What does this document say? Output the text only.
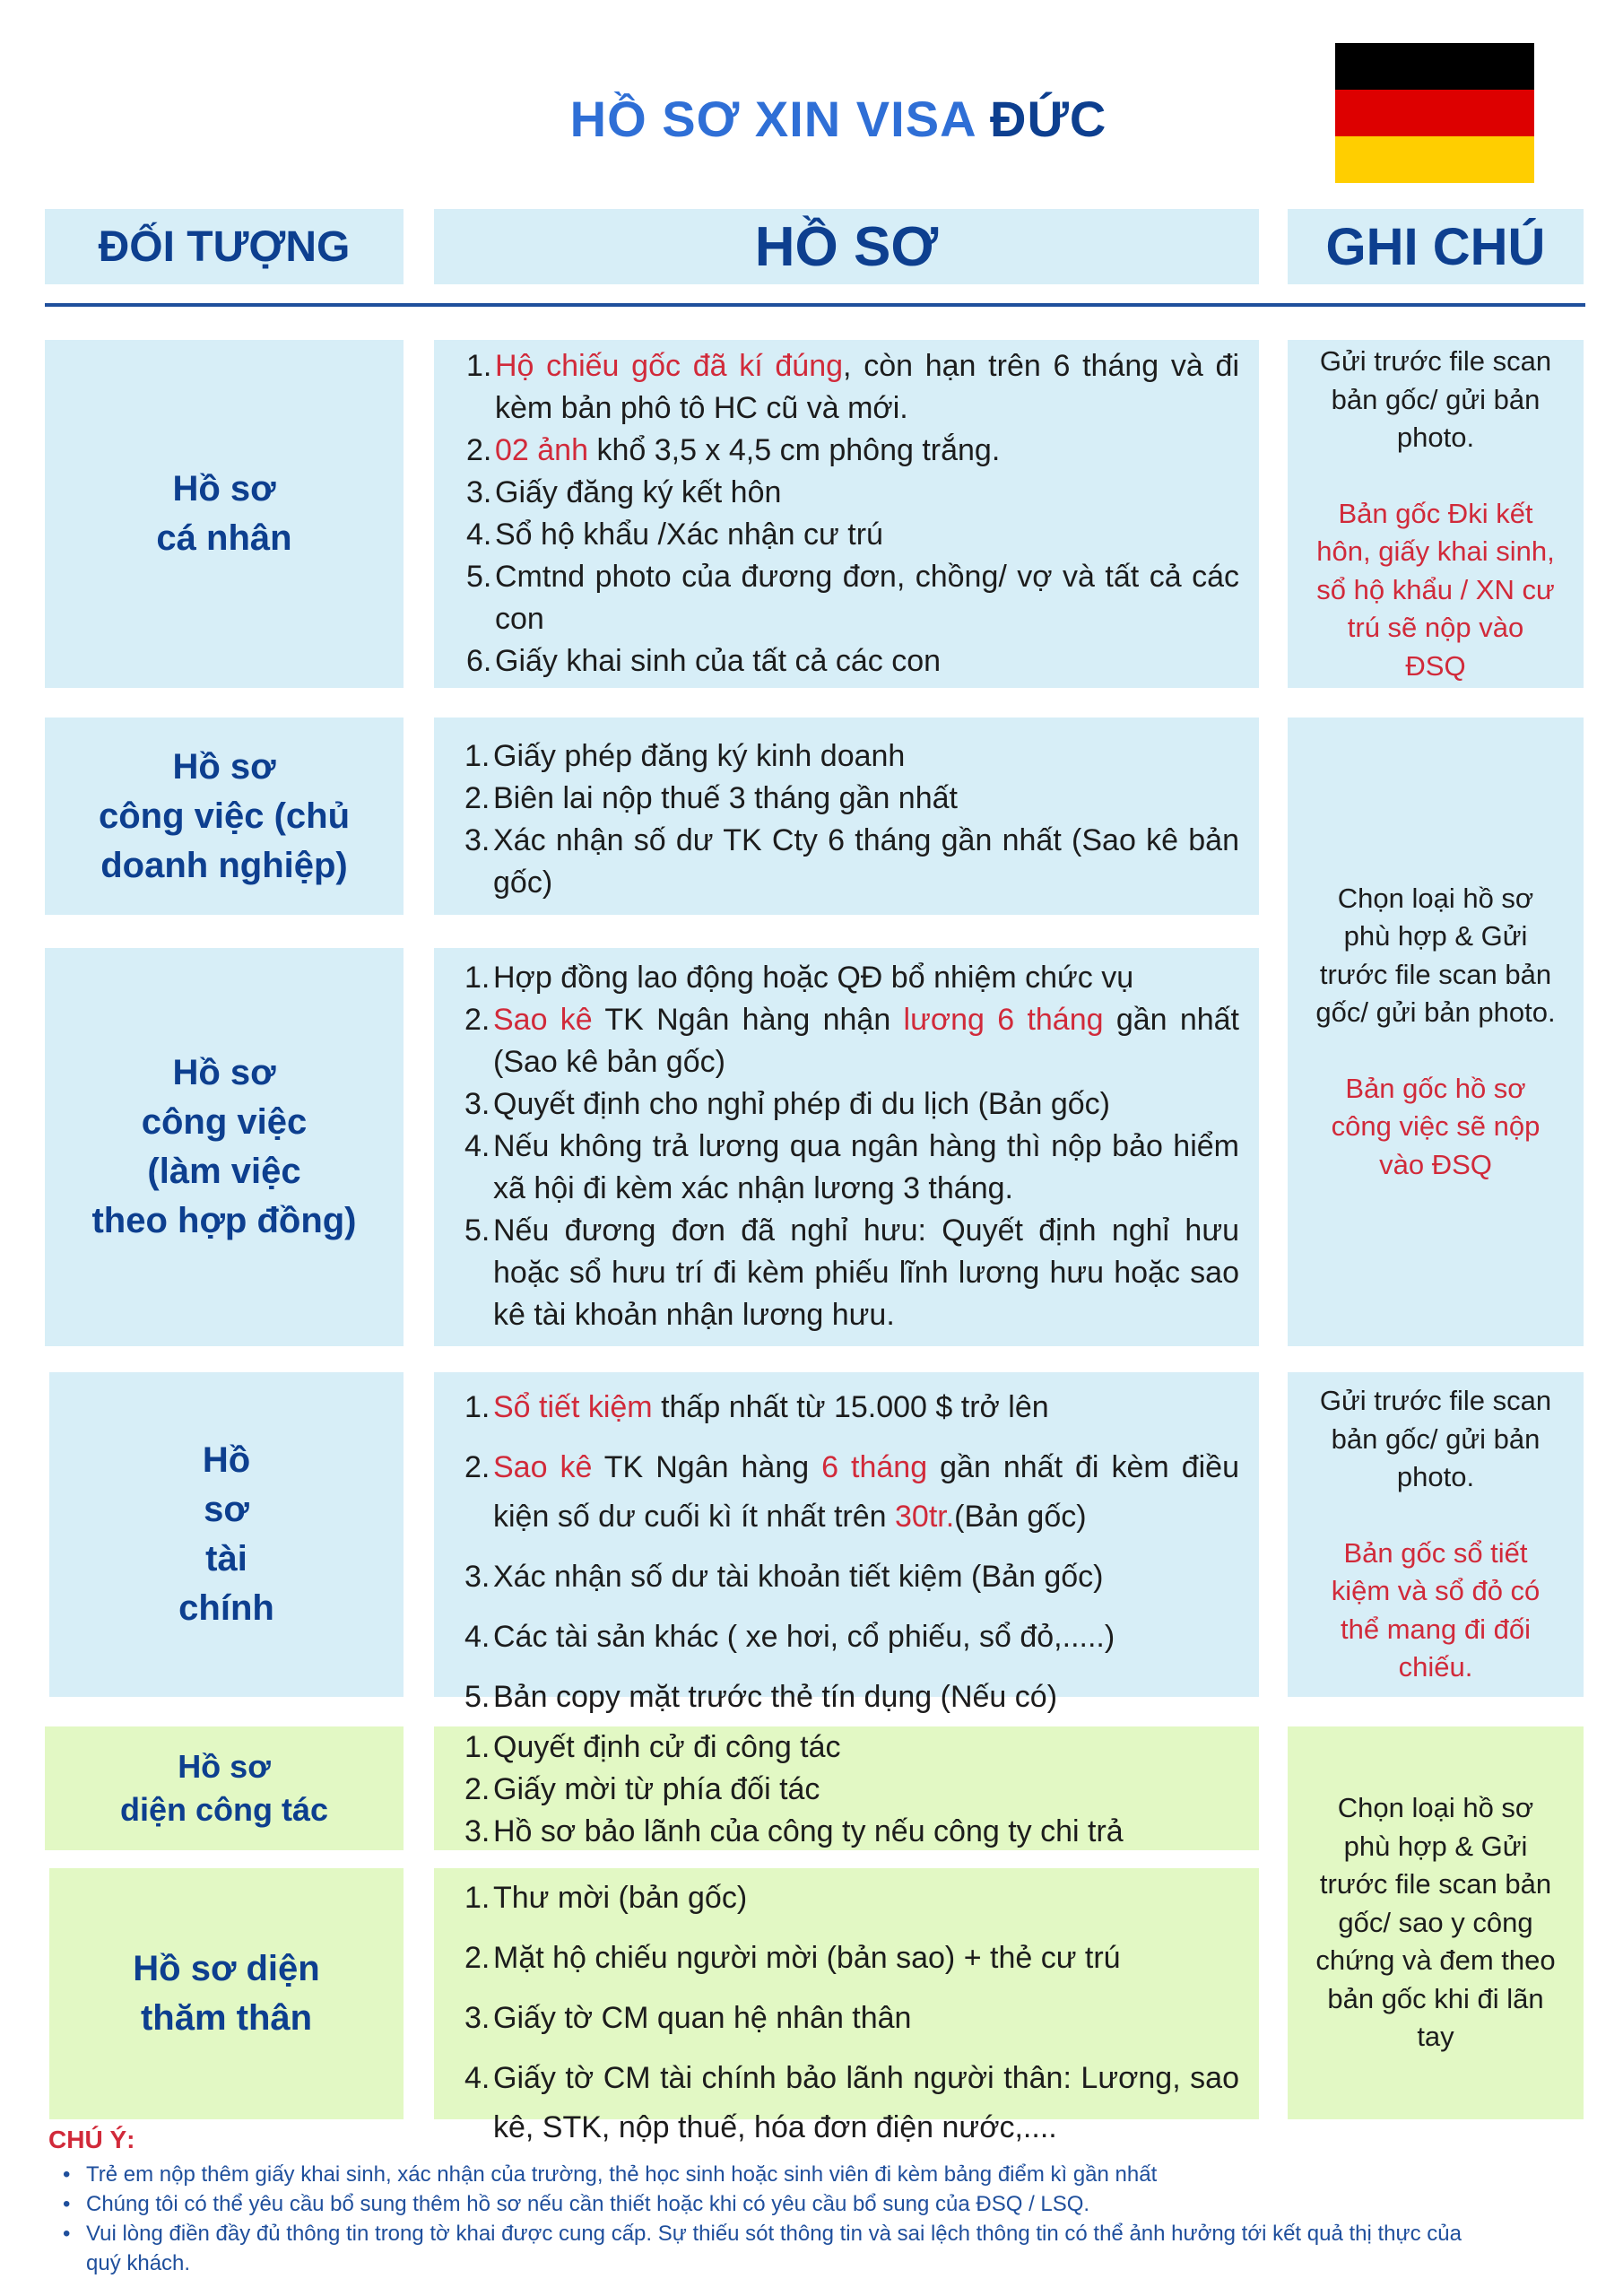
HỒ SƠ XIN VISA ĐỨC
ĐỐI TƯỢNG	HỒ SƠ	GHI CHÚ
Hồ sơ
cá nhân
1. Hộ chiếu gốc đã kí đúng, còn hạn trên 6 tháng và đi kèm bản phô tô HC cũ và mới.
2. 02 ảnh khổ 3,5 x 4,5 cm phông trắng.
3. Giấy đăng ký kết hôn
4. Sổ hộ khẩu /Xác nhận cư trú
5. Cmtnd photo của đương đơn, chồng/ vợ và tất cả các con
6. Giấy khai sinh của tất cả các con

Gửi trước file scan bản gốc/ gửi bản photo.

Bản gốc Đki kết hôn, giấy khai sinh, sổ hộ khẩu / XN cư trú sẽ nộp vào ĐSQ

Hồ sơ
công việc (chủ
doanh nghiệp)
1. Giấy phép đăng ký kinh doanh
2. Biên lai nộp thuế 3 tháng gần nhất
3. Xác nhận số dư TK Cty 6 tháng gần nhất (Sao kê bản gốc)
Hồ sơ
công việc
(làm việc
theo hợp đồng)
1. Hợp đồng lao động hoặc QĐ bổ nhiệm chức vụ
2. Sao kê TK Ngân hàng nhận lương 6 tháng gần nhất (Sao kê bản gốc)
3. Quyết định cho nghỉ phép đi du lịch (Bản gốc)
4. Nếu không trả lương qua ngân hàng thì nộp bảo hiểm xã hội đi kèm xác nhận lương 3 tháng.
5. Nếu đương đơn đã nghỉ hưu: Quyết định nghỉ hưu hoặc sổ hưu trí đi kèm phiếu lĩnh lương hưu hoặc sao kê tài khoản nhận lương hưu.

Chọn loại hồ sơ phù hợp & Gửi trước file scan bản gốc/ gửi bản photo.

Bản gốc hồ sơ công việc sẽ nộp vào ĐSQ

Hồ
sơ
tài
chính
1. Sổ tiết kiệm thấp nhất từ 15.000 $ trở lên
2. Sao kê TK Ngân hàng 6 tháng gần nhất đi kèm điều kiện số dư cuối kì ít nhất trên 30tr.(Bản gốc)
3. Xác nhận số dư tài khoản tiết kiệm (Bản gốc)
4. Các tài sản khác ( xe hơi, cổ phiếu, sổ đỏ,.....)
5. Bản copy mặt trước thẻ tín dụng (Nếu có)

Gửi trước file scan bản gốc/ gửi bản photo.

Bản gốc sổ tiết kiệm và sổ đỏ có thể mang đi đối chiếu.

Hồ sơ
diện công tác
1. Quyết định cử đi công tác
2. Giấy mời từ phía đối tác
3. Hồ sơ bảo lãnh của công ty nếu công ty chi trả
Hồ sơ diện
thăm thân
1. Thư mời (bản gốc)
2. Mặt hộ chiếu người mời (bản sao) + thẻ cư trú
3. Giấy tờ CM quan hệ nhân thân
4. Giấy tờ CM tài chính bảo lãnh người thân: Lương, sao kê, STK, nộp thuế, hóa đơn điện nước,....

Chọn loại hồ sơ phù hợp & Gửi trước file scan bản gốc/ sao y công chứng và đem theo bản gốc khi đi lãn tay

CHÚ Ý:
• Trẻ em nộp thêm giấy khai sinh, xác nhận của trường, thẻ học sinh hoặc sinh viên đi kèm bảng điểm kì gần nhất
• Chúng tôi có thể yêu cầu bổ sung thêm hồ sơ nếu cần thiết hoặc khi có yêu cầu bổ sung của ĐSQ / LSQ.
• Vui lòng điền đầy đủ thông tin trong tờ khai được cung cấp. Sự thiếu sót thông tin và sai lệch thông tin có thể ảnh hưởng tới kết quả thị thực của quý khách.
